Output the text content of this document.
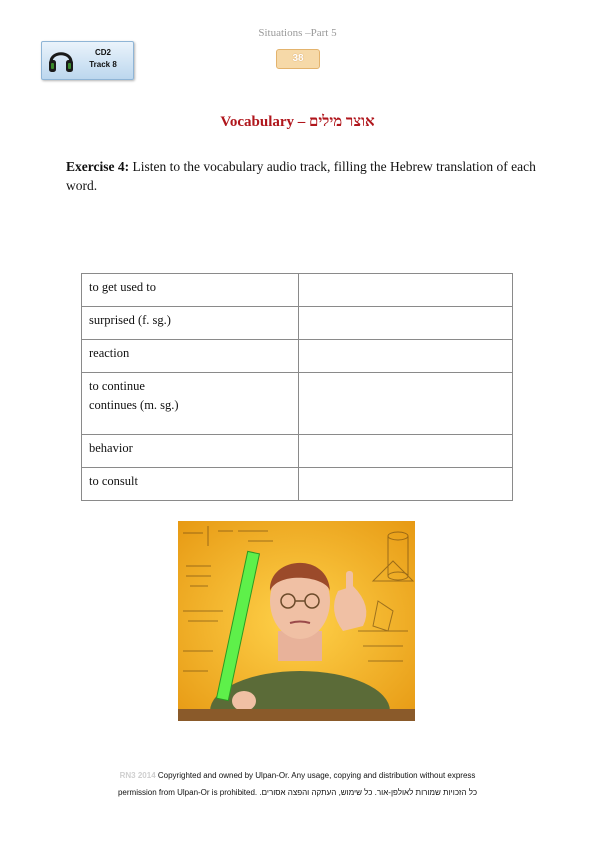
Situations –Part 5
38
CD2
Track 8
Vocabulary – אוצר מילים
Exercise 4: Listen to the vocabulary audio track, filling the Hebrew translation of each word.
to get used to	
surprised (f. sg.)	
reaction	

to continue
continues (m. sg.)	

behavior	
to consult	
RN3 2014 Copyrighted and owned by Ulpan-Or. Any usage, copying and distribution without express
permission from Ulpan-Or is prohibited. .כל הזכויות שמורות לאולפן-אור. כל שימוש, העתקה והפצה אסורים
